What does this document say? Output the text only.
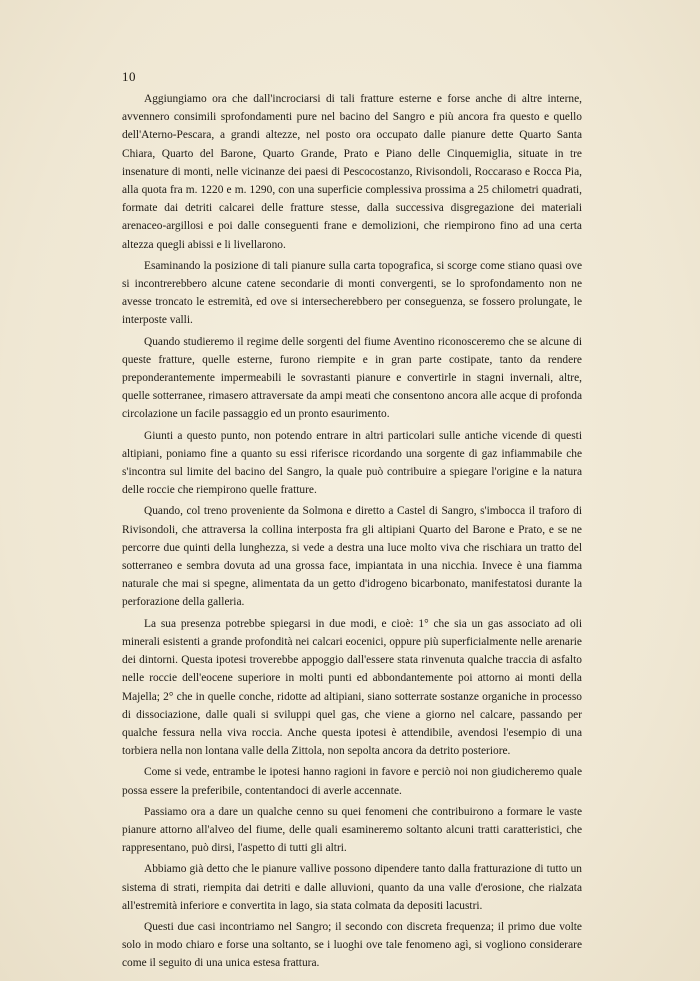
10

Aggiungiamo ora che dall'incrociarsi di tali fratture esterne e forse anche di altre interne, avvennero consimili sprofondamenti pure nel bacino del Sangro e più ancora fra questo e quello dell'Aterno-Pescara, a grandi altezze, nel posto ora occupato dalle pianure dette Quarto Santa Chiara, Quarto del Barone, Quarto Grande, Prato e Piano delle Cinquemiglia, situate in tre insenature di monti, nelle vicinanze dei paesi di Pescocostanzo, Rivisondoli, Roccaraso e Rocca Pia, alla quota fra m. 1220 e m. 1290, con una superficie complessiva prossima a 25 chilometri quadrati, formate dai detriti calcarei delle fratture stesse, dalla successiva disgregazione dei materiali arenaceo-argillosi e poi dalle conseguenti frane e demolizioni, che riempirono fino ad una certa altezza quegli abissi e li livellarono.

Esaminando la posizione di tali pianure sulla carta topografica, si scorge come stiano quasi ove si incontrerebbero alcune catene secondarie di monti convergenti, se lo sprofondamento non ne avesse troncato le estremità, ed ove si intersecherebbero per conseguenza, se fossero prolungate, le interposte valli.

Quando studieremo il regime delle sorgenti del fiume Aventino riconosceremo che se alcune di queste fratture, quelle esterne, furono riempite e in gran parte costipate, tanto da rendere preponderantemente impermeabili le sovrastanti pianure e convertirle in stagni invernali, altre, quelle sotterranee, rimasero attraversate da ampi meati che consentono ancora alle acque di profonda circolazione un facile passaggio ed un pronto esaurimento.

Giunti a questo punto, non potendo entrare in altri particolari sulle antiche vicende di questi altipiani, poniamo fine a quanto su essi riferisce ricordando una sorgente di gaz infiammabile che s'incontra sul limite del bacino del Sangro, la quale può contribuire a spiegare l'origine e la natura delle roccie che riempirono quelle fratture.

Quando, col treno proveniente da Solmona e diretto a Castel di Sangro, s'imbocca il traforo di Rivisondoli, che attraversa la collina interposta fra gli altipiani Quarto del Barone e Prato, e se ne percorre due quinti della lunghezza, si vede a destra una luce molto viva che rischiara un tratto del sotterraneo e sembra dovuta ad una grossa face, impiantata in una nicchia. Invece è una fiamma naturale che mai si spegne, alimentata da un getto d'idrogeno bicarbonato, manifestatosi durante la perforazione della galleria.

La sua presenza potrebbe spiegarsi in due modi, e cioè: 1° che sia un gas associato ad oli minerali esistenti a grande profondità nei calcari eocenici, oppure più superficialmente nelle arenarie dei dintorni. Questa ipotesi troverebbe appoggio dall'essere stata rinvenuta qualche traccia di asfalto nelle roccie dell'eocene superiore in molti punti ed abbondantemente poi attorno ai monti della Majella; 2° che in quelle conche, ridotte ad altipiani, siano sotterrate sostanze organiche in processo di dissociazione, dalle quali si sviluppi quel gas, che viene a giorno nel calcare, passando per qualche fessura nella viva roccia. Anche questa ipotesi è attendibile, avendosi l'esempio di una torbiera nella non lontana valle della Zittola, non sepolta ancora da detrito posteriore.

Come si vede, entrambe le ipotesi hanno ragioni in favore e perciò noi non giudicheremo quale possa essere la preferibile, contentandoci di averle accennate.

Passiamo ora a dare un qualche cenno su quei fenomeni che contribuirono a formare le vaste pianure attorno all'alveo del fiume, delle quali esamineremo soltanto alcuni tratti caratteristici, che rappresentano, può dirsi, l'aspetto di tutti gli altri.

Abbiamo già detto che le pianure vallive possono dipendere tanto dalla fratturazione di tutto un sistema di strati, riempita dai detriti e dalle alluvioni, quanto da una valle d'erosione, che rialzata all'estremità inferiore e convertita in lago, sia stata colmata da depositi lacustri.

Questi due casi incontriamo nel Sangro; il secondo con discreta frequenza; il primo due volte solo in modo chiaro e forse una soltanto, se i luoghi ove tale fenomeno agì, si vogliono considerare come il seguito di una unica estesa frattura.
